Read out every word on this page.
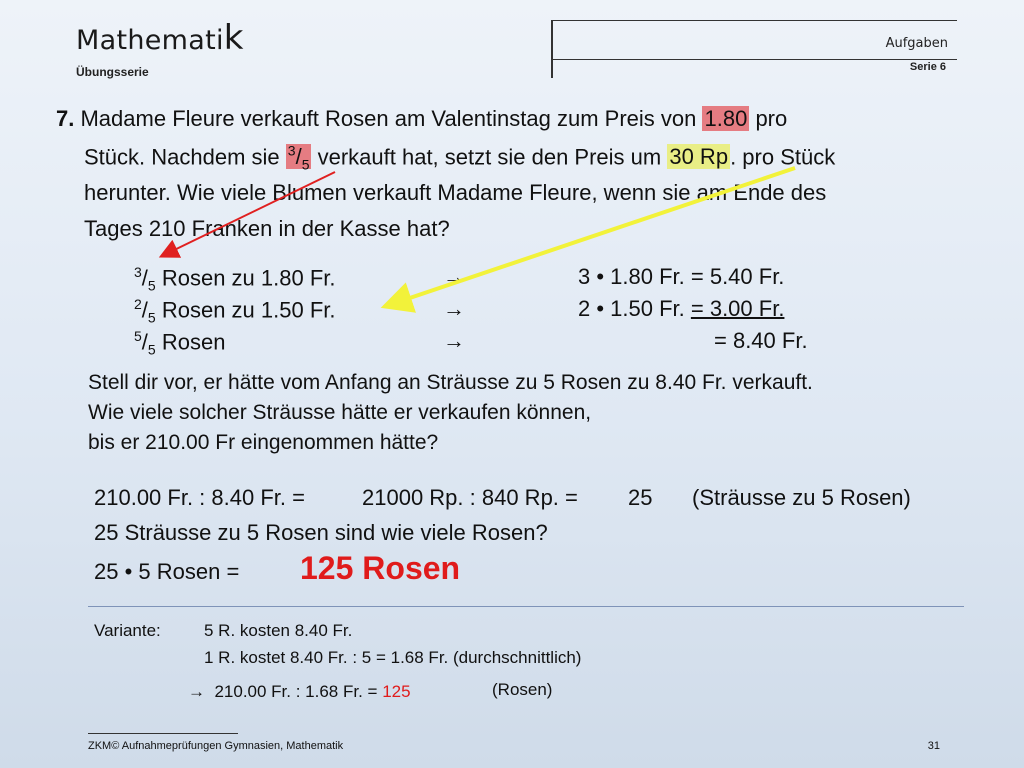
Mathematik
Übungsserie
Aufgaben
Serie 6
7. Madame Fleure verkauft Rosen am Valentinstag zum Preis von 1.80 pro
Stück. Nachdem sie $^3/_5$ verkauft hat, setzt sie den Preis um 30 Rp. pro Stück
herunter. Wie viele Blumen verkauft Madame Fleure, wenn sie am Ende des
Tages 210 Franken in der Kasse hat?
$^3/_5$ Rosen zu 1.80 Fr.	→	3 • 1.80 Fr. = 5.40 Fr.
$^2/_5$ Rosen zu 1.50 Fr.	→	2 • 1.50 Fr. = 3.00 Fr.
$^5/_5$ Rosen	→	= 8.40 Fr.
Stell dir vor, er hätte vom Anfang an Sträusse zu 5 Rosen zu 8.40 Fr. verkauft.
Wie viele solcher Sträusse hätte er verkaufen können,
bis er 210.00 Fr eingenommen hätte?
210.00 Fr. : 8.40 Fr. =	21000 Rp. : 840 Rp. = 25 (Sträusse zu 5 Rosen)
25 Sträusse zu 5 Rosen sind wie viele Rosen?
25 • 5 Rosen = 125 Rosen
Variante:	5 R. kosten 8.40 Fr.
1 R. kostet 8.40 Fr. : 5 = 1.68 Fr. (durchschnittlich)
→ 210.00 Fr. : 1.68 Fr. = 125	(Rosen)
ZKM© Aufnahmeprüfungen Gymnasien, Mathematik	31
